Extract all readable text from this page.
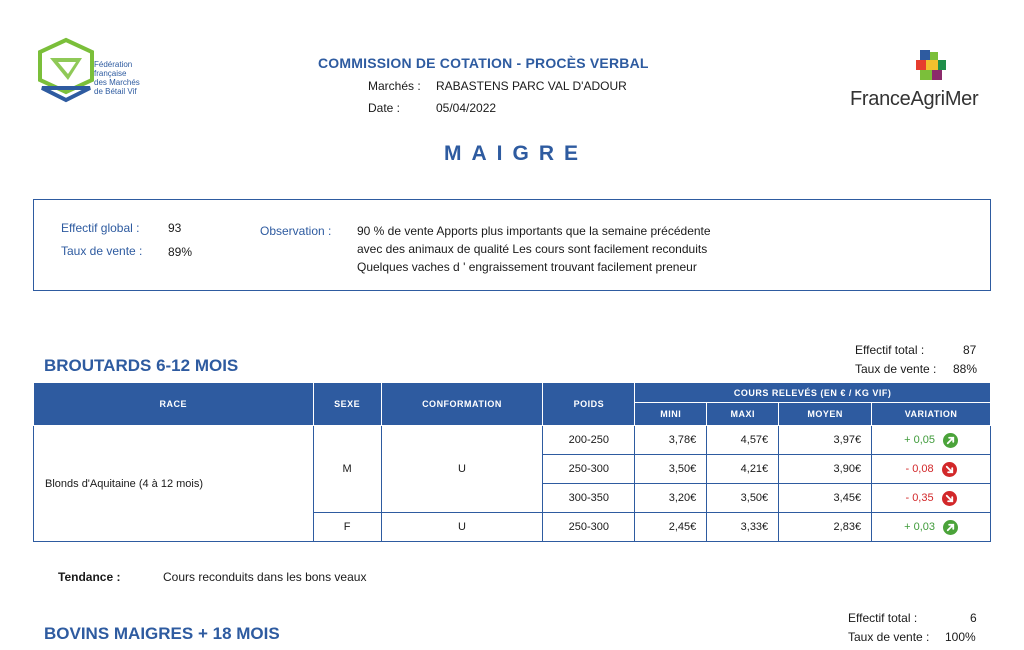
Fédération
française
des Marchés
de Bétail Vif
COMMISSION DE COTATION - PROCÈS VERBAL
Marchés : RABASTENS PARC VAL D'ADOUR
Date :	05/04/2022	FranceAgriMer
MAIGRE
Effectif global : 93
Taux de vente : 89%
Observation : 90 % de vente Apports plus importants que la semaine précédente
avec des animaux de qualité Les cours sont facilement reconduits
Quelques vaches d ' engraissement trouvant facilement preneur
BROUTARDS 6-12 MOIS
Effectif total :	87
Taux de vente : 88%
RACE	SEXE	CONFORMATION	POIDS	COURS RELEVÉS (EN € / KG VIF)			
				MINI	MAXI	MOYEN	VARIATION
Blonds d'Aquitaine (4 à 12 mois)	M	U	200-250	3,78€	4,57€	3,97€	+ 0,05

			250-300	3,50€	4,21€	3,90€	- 0,08

			300-350	3,20€	3,50€	3,45€	- 0,35

	F	U	250-300	2,45€	3,33€	2,83€	+ 0,03
Tendance :	Cours reconduits dans les bons veaux
BOVINS MAIGRES + 18 MOIS
Effectif total :	6
Taux de vente : 100%
